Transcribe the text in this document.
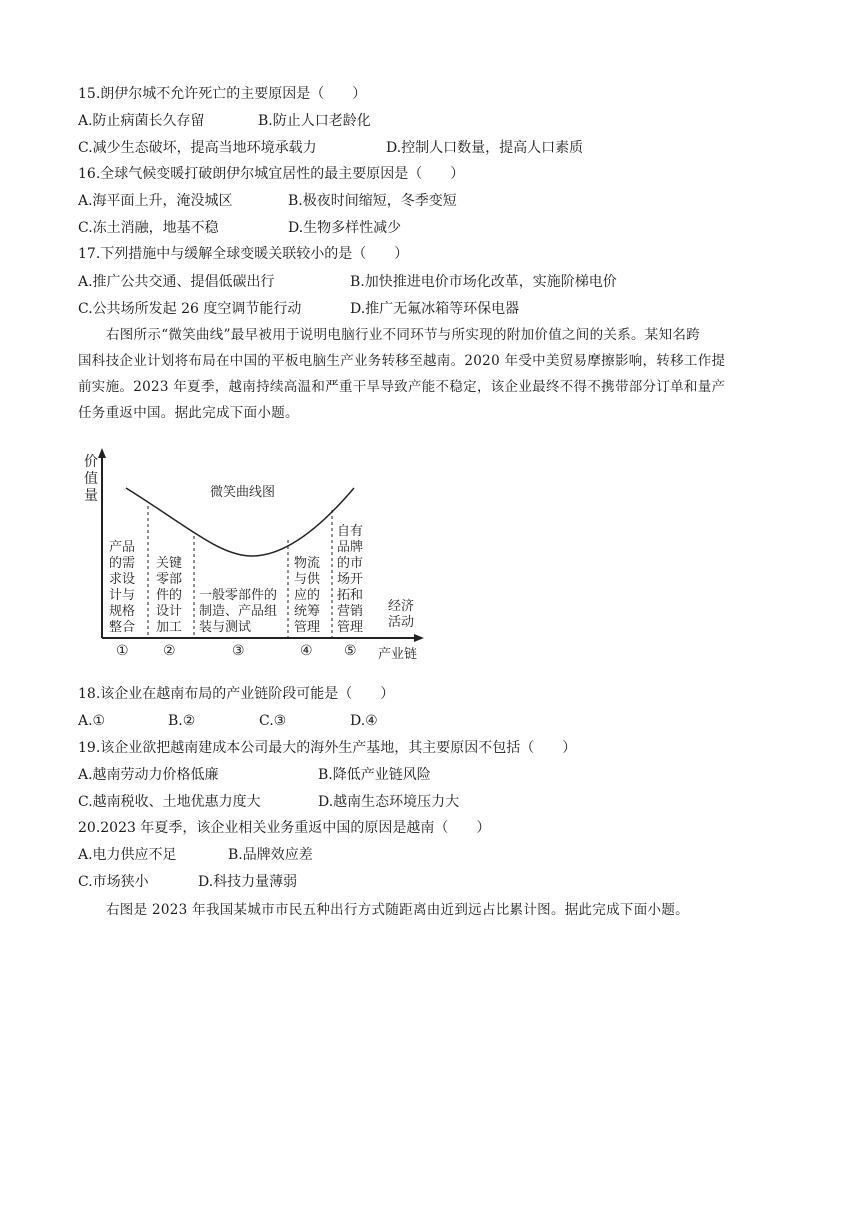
15.朗伊尔城不允许死亡的主要原因是（　　）
A.防止病菌长久存留	B.防止人口老龄化
C.减少生态破坏，提高当地环境承载力	D.控制人口数量，提高人口素质
16.全球气候变暖打破朗伊尔城宜居性的最主要原因是（　　）
A.海平面上升，淹没城区	B.极夜时间缩短，冬季变短
C.冻土消融，地基不稳	D.生物多样性减少
17.下列措施中与缓解全球变暖关联较小的是（　　）
A.推广公共交通、提倡低碳出行	B.加快推进电价市场化改革，实施阶梯电价
C.公共场所发起 26 度空调节能行动	D.推广无氟冰箱等环保电器
右图所示“微笑曲线”最早被用于说明电脑行业不同环节与所实现的附加价值之间的关系。某知名跨
国科技企业计划将布局在中国的平板电脑生产业务转移至越南。2020 年受中美贸易摩擦影响，转移工作提
前实施。2023 年夏季，越南持续高温和严重干旱导致产能不稳定，该企业最终不得不携带部分订单和量产
任务重返中国。据此完成下面小题。
价
值
量	微笑曲线图
产品
的需
求设
计与
规格
整合
关键
零部
件的
设计
加工
一般零部件的
制造、产品组
装与测试
物流
与供
应的
统筹
管理
自有
品牌
的市
场开
拓和
营销
管理
经济
活动
① ②	③	④ ⑤ 产业链
18.该企业在越南布局的产业链阶段可能是（　　）
A.①	B.②	C.③	D.④
19.该企业欲把越南建成本公司最大的海外生产基地，其主要原因不包括（　　）
A.越南劳动力价格低廉	B.降低产业链风险
C.越南税收、土地优惠力度大	D.越南生态环境压力大
20.2023 年夏季，该企业相关业务重返中国的原因是越南（　　）
A.电力供应不足	B.品牌效应差
C.市场狭小	D.科技力量薄弱
右图是 2023 年我国某城市市民五种出行方式随距离由近到远占比累计图。据此完成下面小题。
